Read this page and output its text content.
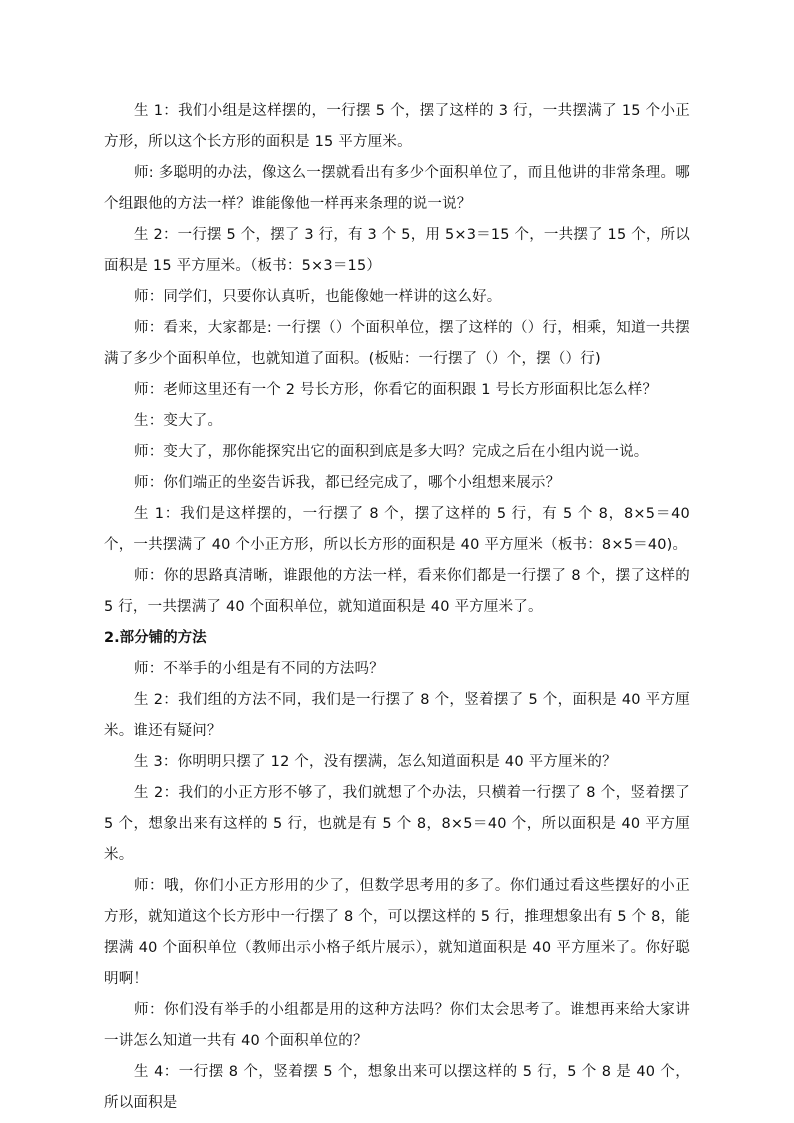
生 1：我们小组是这样摆的，一行摆 5 个，摆了这样的 3 行，一共摆满了 15 个小正方形，所以这个长方形的面积是 15 平方厘米。

师: 多聪明的办法，像这么一摆就看出有多少个面积单位了，而且他讲的非常条理。哪个组跟他的方法一样？谁能像他一样再来条理的说一说？

生 2：一行摆 5 个，摆了 3 行，有 3 个 5，用 5×3＝15 个，一共摆了 15 个，所以面积是 15 平方厘米。（板书：5×3＝15）

师：同学们，只要你认真听，也能像她一样讲的这么好。

师：看来，大家都是: 一行摆（）个面积单位，摆了这样的（）行，相乘，知道一共摆满了多少个面积单位，也就知道了面积。(板贴：一行摆了（）个，摆（）行)

师：老师这里还有一个 2 号长方形，你看它的面积跟 1 号长方形面积比怎么样？

生：变大了。

师：变大了，那你能探究出它的面积到底是多大吗？完成之后在小组内说一说。

师：你们端正的坐姿告诉我，都已经完成了，哪个小组想来展示？

生 1：我们是这样摆的，一行摆了 8 个，摆了这样的 5 行，有 5 个 8，8×5＝40 个，一共摆满了 40 个小正方形，所以长方形的面积是 40 平方厘米（板书：8×5＝40)。

师：你的思路真清晰，谁跟他的方法一样，看来你们都是一行摆了 8 个，摆了这样的 5 行，一共摆满了 40 个面积单位，就知道面积是 40 平方厘米了。

2.部分铺的方法

师：不举手的小组是有不同的方法吗？

生 2：我们组的方法不同，我们是一行摆了 8 个，竖着摆了 5 个，面积是 40 平方厘米。谁还有疑问？

生 3：你明明只摆了 12 个，没有摆满，怎么知道面积是 40 平方厘米的？

生 2：我们的小正方形不够了，我们就想了个办法，只横着一行摆了 8 个，竖着摆了 5 个，想象出来有这样的 5 行，也就是有 5 个 8，8×5＝40 个，所以面积是 40 平方厘米。

师：哦，你们小正方形用的少了，但数学思考用的多了。你们通过看这些摆好的小正方形，就知道这个长方形中一行摆了 8 个，可以摆这样的 5 行，推理想象出有 5 个 8，能摆满 40 个面积单位（教师出示小格子纸片展示），就知道面积是 40 平方厘米了。你好聪明啊！

师：你们没有举手的小组都是用的这种方法吗？你们太会思考了。谁想再来给大家讲一讲怎么知道一共有 40 个面积单位的？

生 4：一行摆 8 个，竖着摆 5 个，想象出来可以摆这样的 5 行，5 个 8 是 40 个，所以面积是
